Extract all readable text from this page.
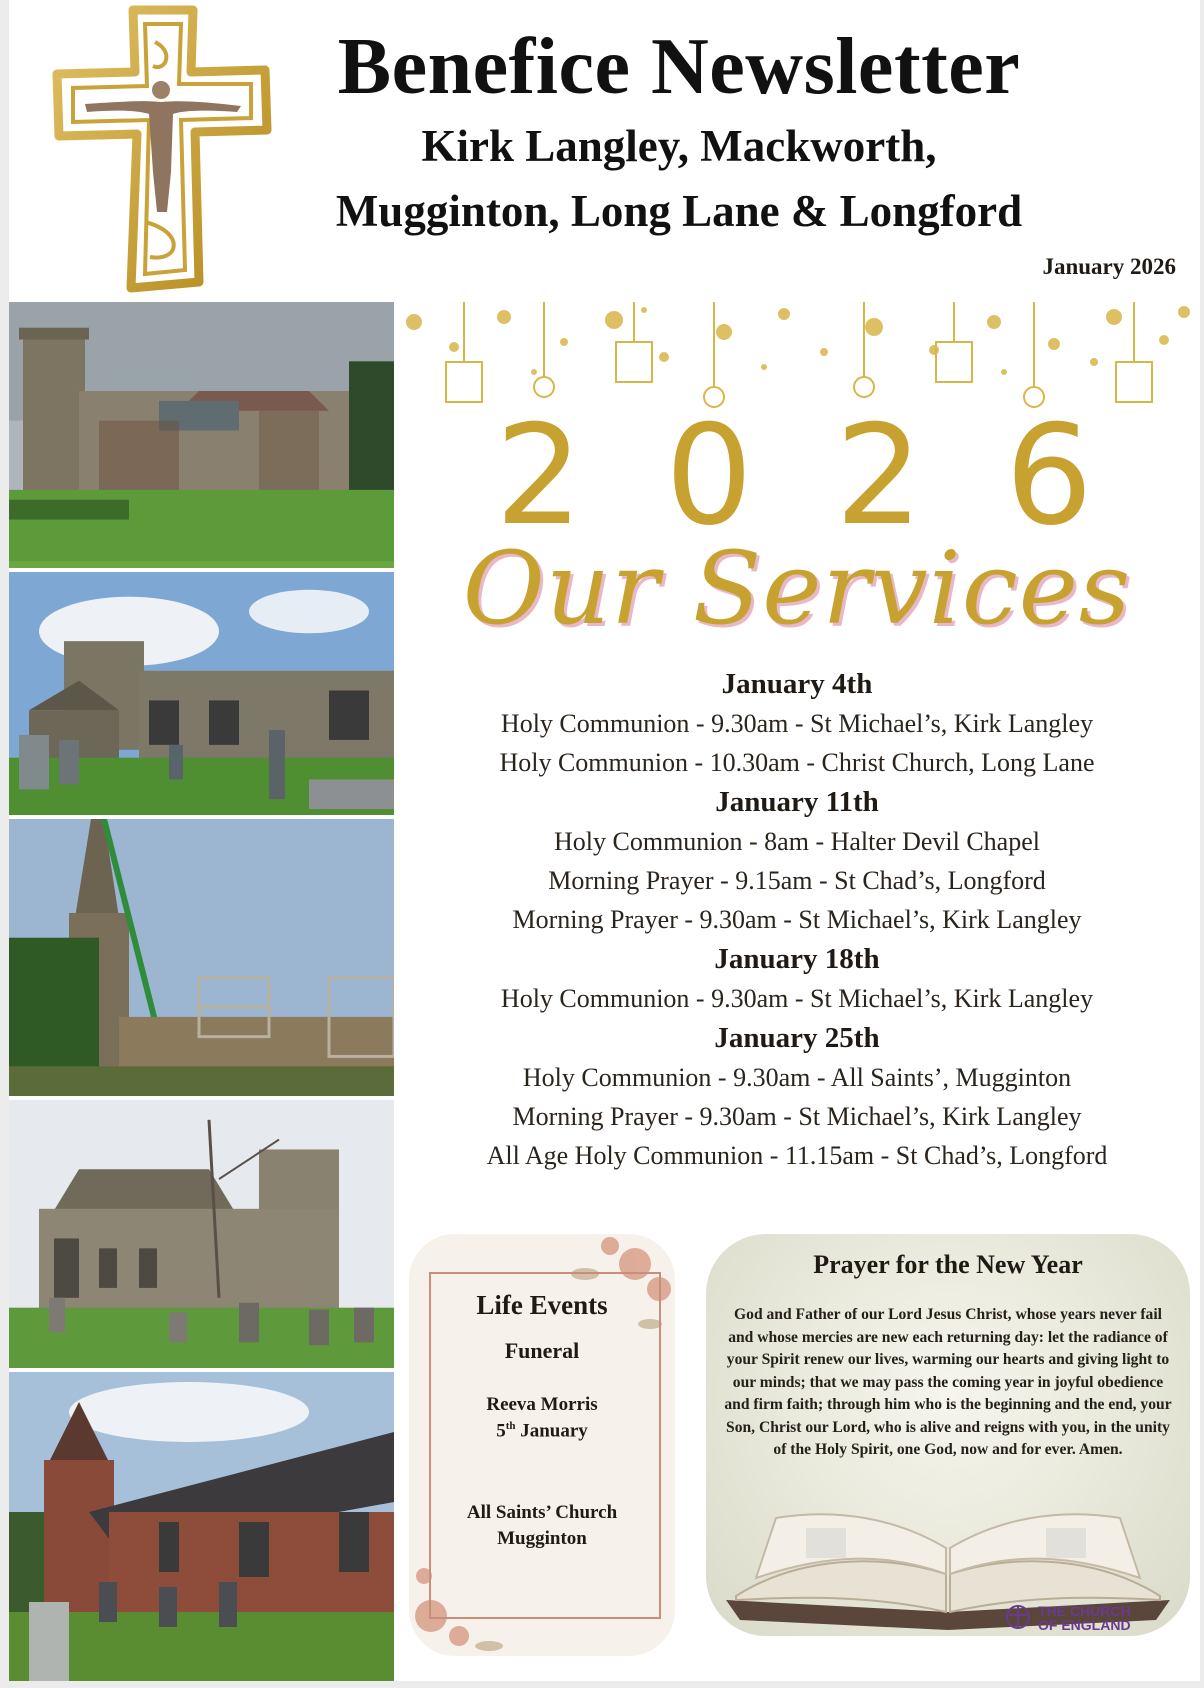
Benefice Newsletter
Kirk Langley, Mackworth,
Mugginton, Long Lane & Longford
January 2026
2 0 2 6
Our Services
January 4th
Holy Communion - 9.30am - St Michael’s, Kirk Langley
Holy Communion - 10.30am - Christ Church, Long Lane
January 11th
Holy Communion - 8am - Halter Devil Chapel
Morning Prayer - 9.15am - St Chad’s, Longford
Morning Prayer - 9.30am - St Michael’s, Kirk Langley
January 18th
Holy Communion - 9.30am - St Michael’s, Kirk Langley
January 25th
Holy Communion - 9.30am - All Saints’, Mugginton
Morning Prayer - 9.30am - St Michael’s, Kirk Langley
All Age Holy Communion - 11.15am - St Chad’s, Longford
Life Events
Funeral
Reeva Morris
5th January
All Saints’ Church
Mugginton
Prayer for the New Year
God and Father of our Lord Jesus Christ, whose years never fail and whose mercies are new each returning day: let the radiance of your Spirit renew our lives, warming our hearts and giving light to our minds; that we may pass the coming year in joyful obedience and firm faith; through him who is the beginning and the end, your Son, Christ our Lord, who is alive and reigns with you, in the unity of the Holy Spirit, one God, now and for ever. Amen.
THE CHURCH
OF ENGLAND
